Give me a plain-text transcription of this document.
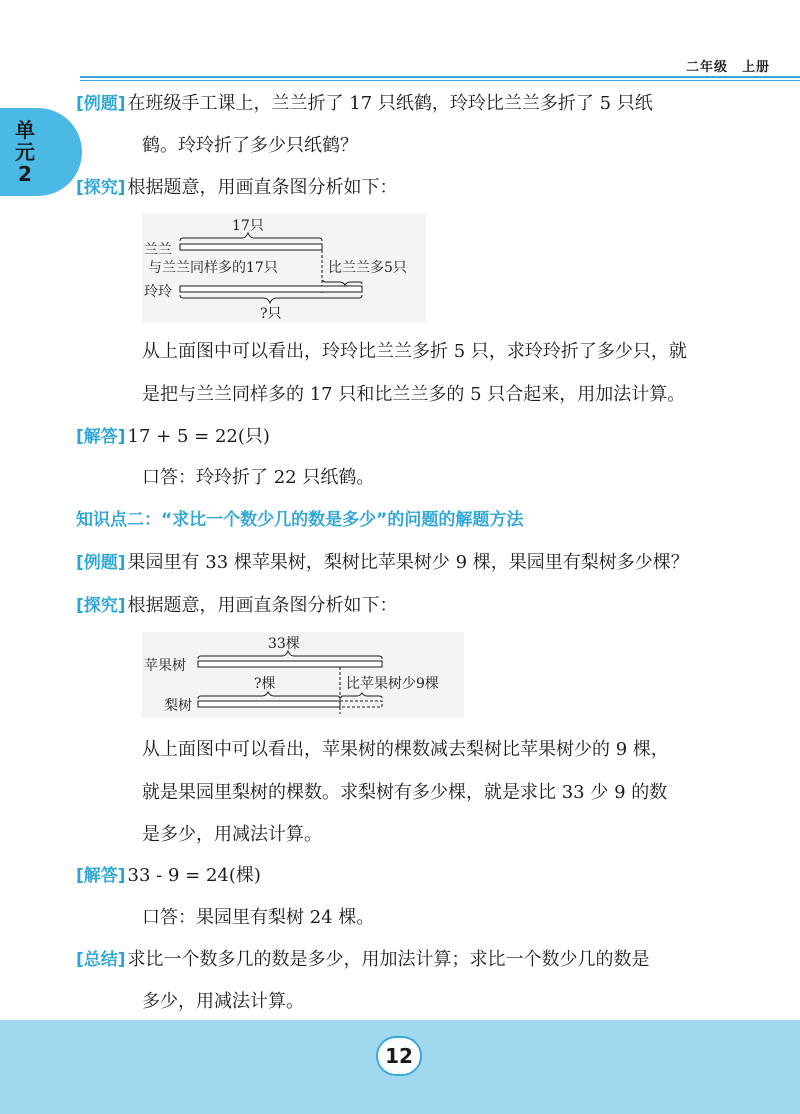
二年级　上册
单
元
2
[例题] 在班级手工课上，兰兰折了 17 只纸鹤，玲玲比兰兰多折了 5 只纸
鹤。玲玲折了多少只纸鹤？
[探究] 根据题意，用画直条图分析如下：
17只
兰兰
与兰兰同样多的17只	比兰兰多5只
玲玲
?只
从上面图中可以看出，玲玲比兰兰多折 5 只，求玲玲折了多少只，就
是把与兰兰同样多的 17 只和比兰兰多的 5 只合起来，用加法计算。
[解答] 17 + 5 = 22(只)
口答：玲玲折了 22 只纸鹤。
知识点二：“求比一个数少几的数是多少”的问题的解题方法
[例题] 果园里有 33 棵苹果树，梨树比苹果树少 9 棵，果园里有梨树多少棵？
[探究] 根据题意，用画直条图分析如下：
33棵
苹果树
?棵	比苹果树少9棵
梨树
从上面图中可以看出，苹果树的棵数减去梨树比苹果树少的 9 棵，
就是果园里梨树的棵数。求梨树有多少棵，就是求比 33 少 9 的数
是多少，用减法计算。
[解答] 33 - 9 = 24(棵)
口答：果园里有梨树 24 棵。
[总结] 求比一个数多几的数是多少，用加法计算；求比一个数少几的数是
多少，用减法计算。
12
